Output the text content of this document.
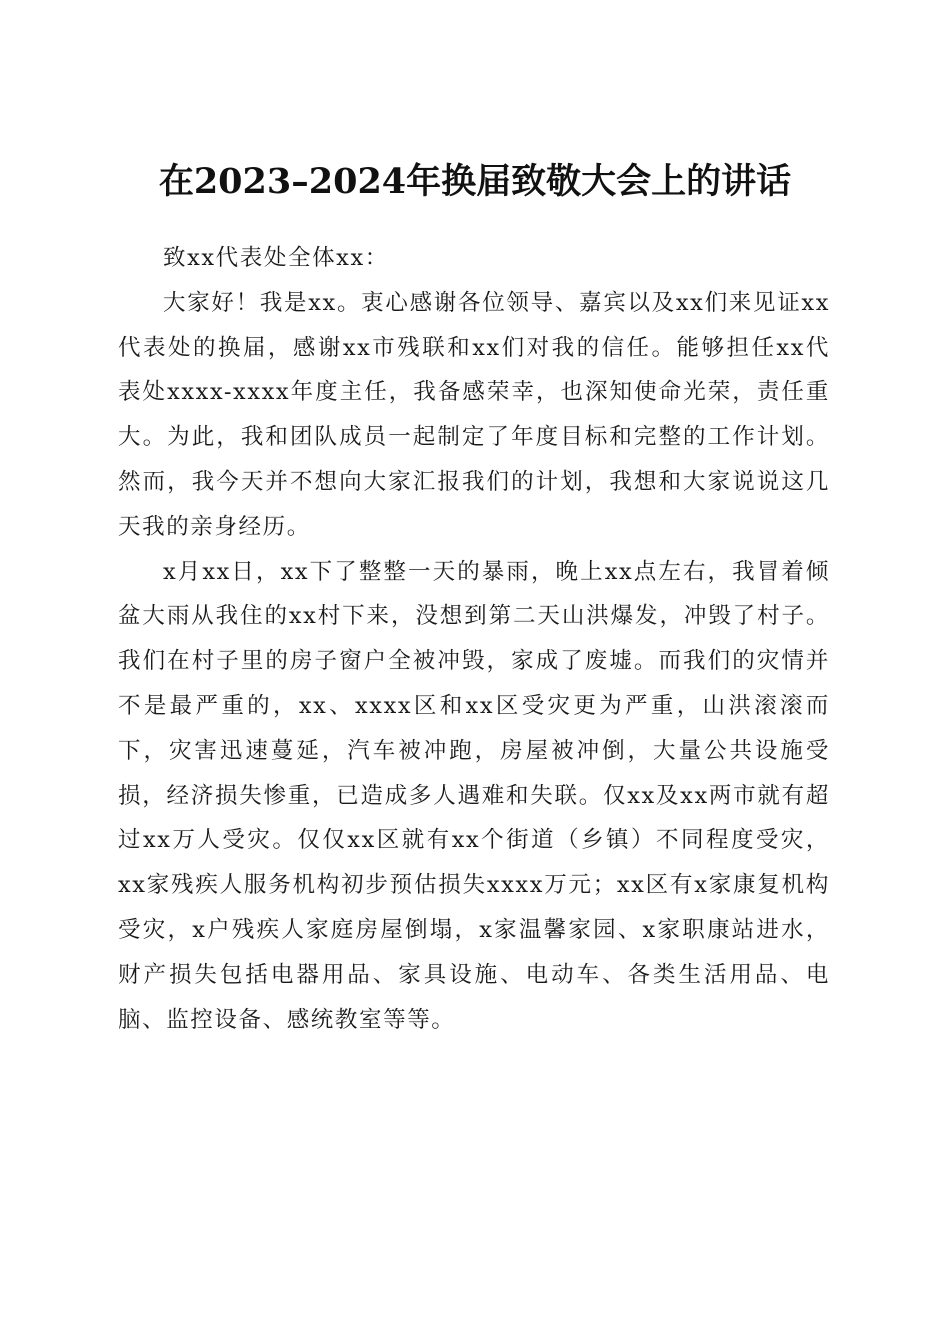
在2023–2024年换届致敬大会上的讲话

致xx代表处全体xx：

大家好！我是xx。衷心感谢各位领导、嘉宾以及xx们来见证xx代表处的换届，感谢xx市残联和xx们对我的信任。能够担任xx代表处xxxx-xxxx年度主任，我备感荣幸，也深知使命光荣，责任重大。为此，我和团队成员一起制定了年度目标和完整的工作计划。然而，我今天并不想向大家汇报我们的计划，我想和大家说说这几天我的亲身经历。

x月xx日，xx下了整整一天的暴雨，晚上xx点左右，我冒着倾盆大雨从我住的xx村下来，没想到第二天山洪爆发，冲毁了村子。我们在村子里的房子窗户全被冲毁，家成了废墟。而我们的灾情并不是最严重的，xx、xxxx区和xx区受灾更为严重，山洪滚滚而下，灾害迅速蔓延，汽车被冲跑，房屋被冲倒，大量公共设施受损，经济损失惨重，已造成多人遇难和失联。仅xx及xx两市就有超过xx万人受灾。仅仅xx区就有xx个街道（乡镇）不同程度受灾，xx家残疾人服务机构初步预估损失xxxx万元；xx区有x家康复机构受灾，x户残疾人家庭房屋倒塌，x家温馨家园、x家职康站进水，财产损失包括电器用品、家具设施、电动车、各类生活用品、电脑、监控设备、感统教室等等。
